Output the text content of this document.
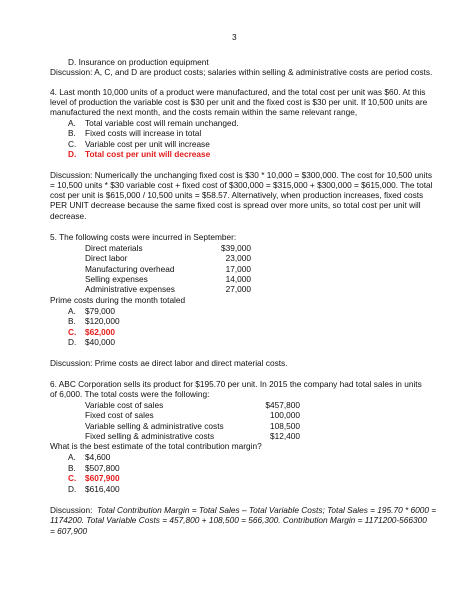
3
D. Insurance on production equipment
Discussion: A, C, and D are product costs; salaries within selling & administrative costs are period costs.
4. Last month 10,000 units of a product were manufactured, and the total cost per unit was $60. At this
level of production the variable cost is $30 per unit and the fixed cost is $30 per unit. If 10,500 units are
manufactured the next month, and the costs remain within the same relevant range,
A. Total variable cost will remain unchanged.
B. Fixed costs will increase in total
C. Variable cost per unit will increase
D. Total cost per unit will decrease
Discussion: Numerically the unchanging fixed cost is $30 * 10,000 = $300,000. The cost for 10,500 units
= 10,500 units * $30 variable cost + fixed cost of $300,000 = $315,000 + $300,000 = $615,000. The total
cost per unit is $615,000 / 10,500 units = $58.57. Alternatively, when production increases, fixed costs
PER UNIT decrease because the same fixed cost is spread over more units, so total cost per unit will
decrease.
5. The following costs were incurred in September:
Direct materials	$39,000
Direct labor	23,000
Manufacturing overhead	17,000
Selling expenses	14,000
Administrative expenses	27,000
Prime costs during the month totaled
A. $79,000
B. $120,000
C. $62,000
D. $40,000
Discussion: Prime costs ae direct labor and direct material costs.
6. ABC Corporation sells its product for $195.70 per unit. In 2015 the company had total sales in units
of 6,000. The total costs were the following:
Variable cost of sales	$457,800
Fixed cost of sales	100,000
Variable selling & administrative costs	108,500
Fixed selling & administrative costs	$12,400
What is the best estimate of the total contribution margin?
A. $4,600
B. $507,800
C. $607,900
D. $616,400
Discussion: Total Contribution Margin = Total Sales – Total Variable Costs; Total Sales = 195.70 * 6000 =
1174200. Total Variable Costs = 457,800 + 108,500 = 566,300. Contribution Margin = 1171200-566300
= 607,900
